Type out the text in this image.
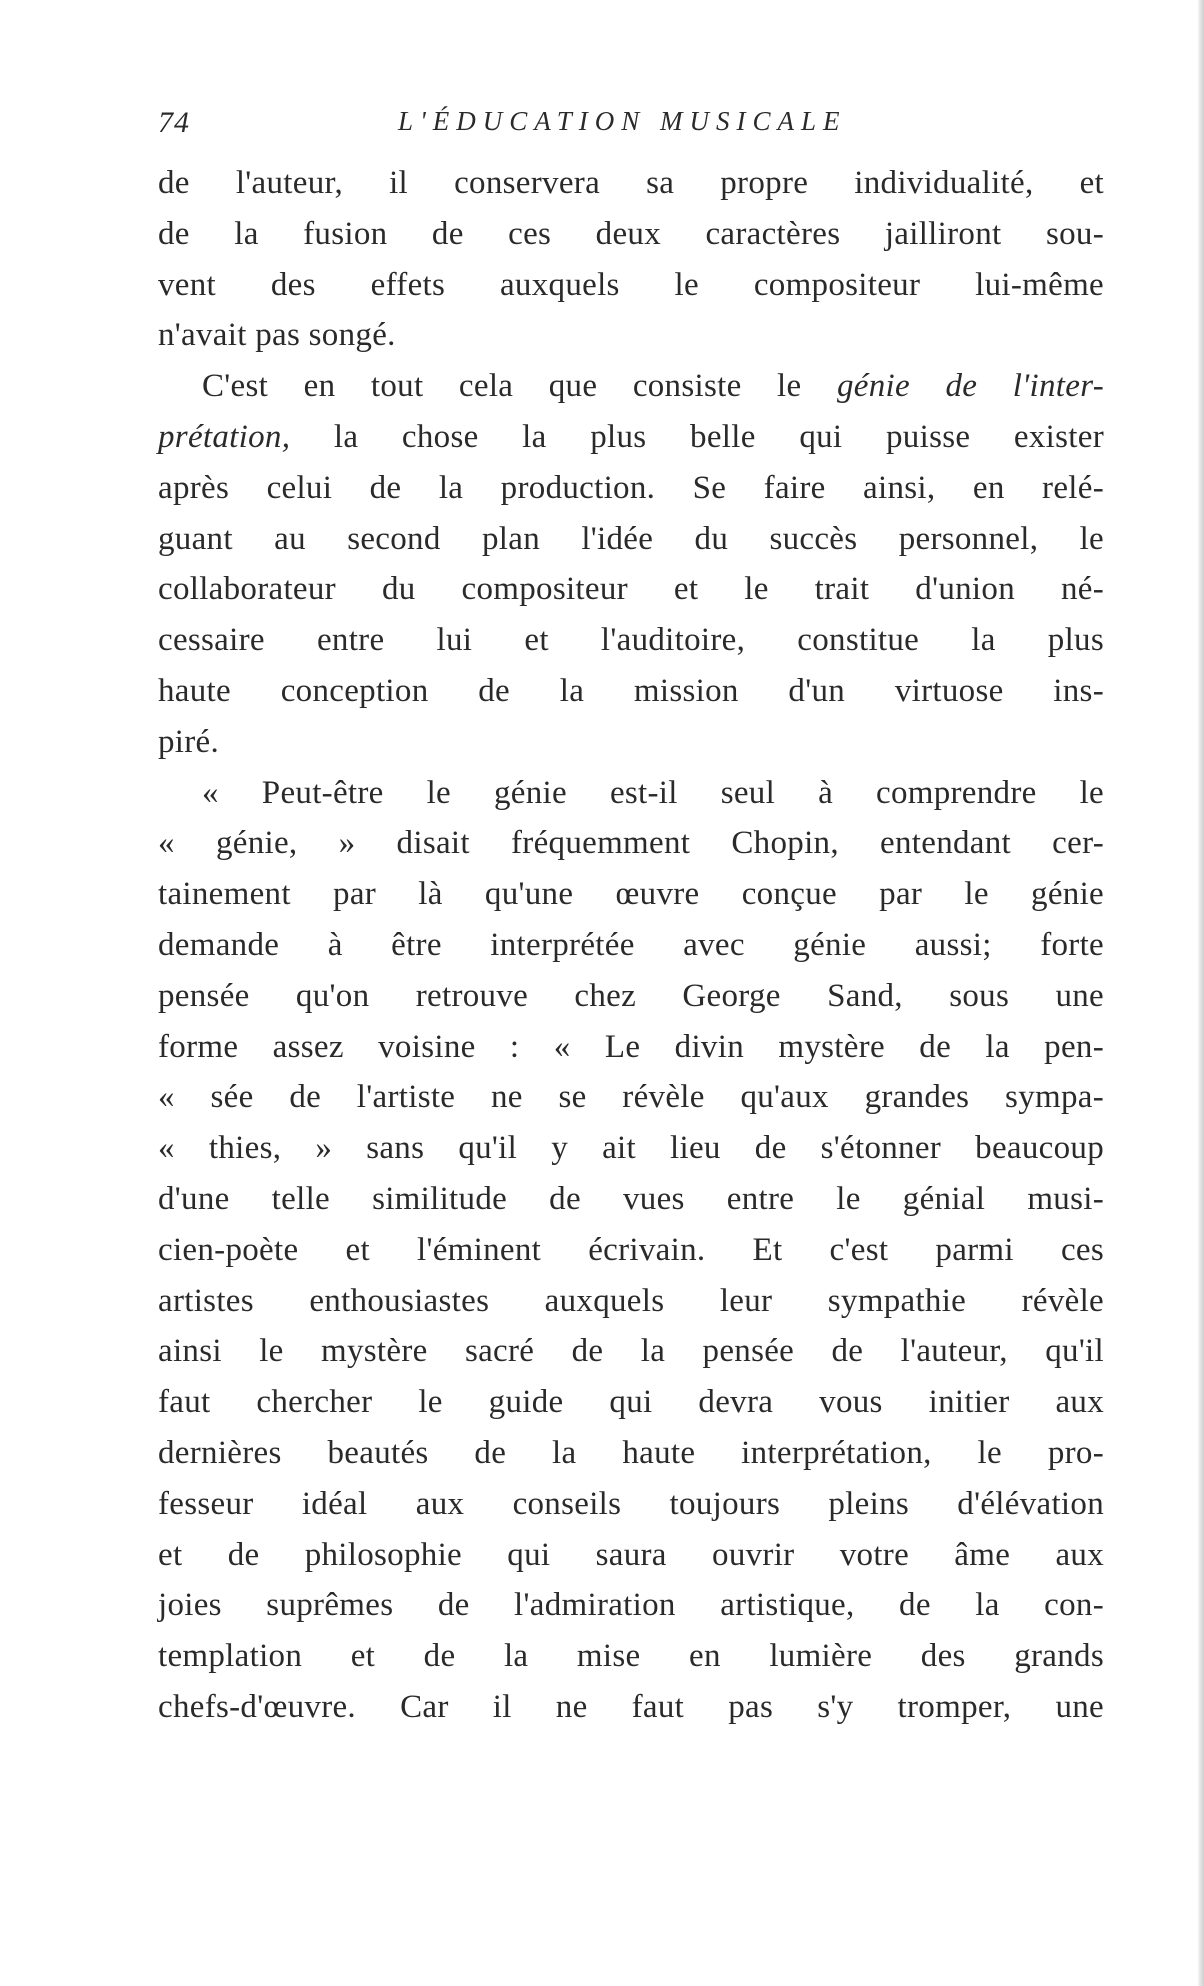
74	L'ÉDUCATION MUSICALE
de l'auteur, il conservera sa propre individualité, et
de la fusion de ces deux caractères jailliront sou-
vent des effets auxquels le compositeur lui-même
n'avait pas songé.
C'est en tout cela que consiste le génie de l'inter-
prétation, la chose la plus belle qui puisse exister
après celui de la production. Se faire ainsi, en relé-
guant au second plan l'idée du succès personnel, le
collaborateur du compositeur et le trait d'union né-
cessaire entre lui et l'auditoire, constitue la plus
haute conception de la mission d'un virtuose ins-
piré.
« Peut-être le génie est-il seul à comprendre le
« génie, » disait fréquemment Chopin, entendant cer-
tainement par là qu'une œuvre conçue par le génie
demande à être interprétée avec génie aussi; forte
pensée qu'on retrouve chez George Sand, sous une
forme assez voisine : « Le divin mystère de la pen-
« sée de l'artiste ne se révèle qu'aux grandes sympa-
« thies, » sans qu'il y ait lieu de s'étonner beaucoup
d'une telle similitude de vues entre le génial musi-
cien-poète et l'éminent écrivain. Et c'est parmi ces
artistes enthousiastes auxquels leur sympathie révèle
ainsi le mystère sacré de la pensée de l'auteur, qu'il
faut chercher le guide qui devra vous initier aux
dernières beautés de la haute interprétation, le pro-
fesseur idéal aux conseils toujours pleins d'élévation
et de philosophie qui saura ouvrir votre âme aux
joies suprêmes de l'admiration artistique, de la con-
templation et de la mise en lumière des grands
chefs-d'œuvre. Car il ne faut pas s'y tromper, une
